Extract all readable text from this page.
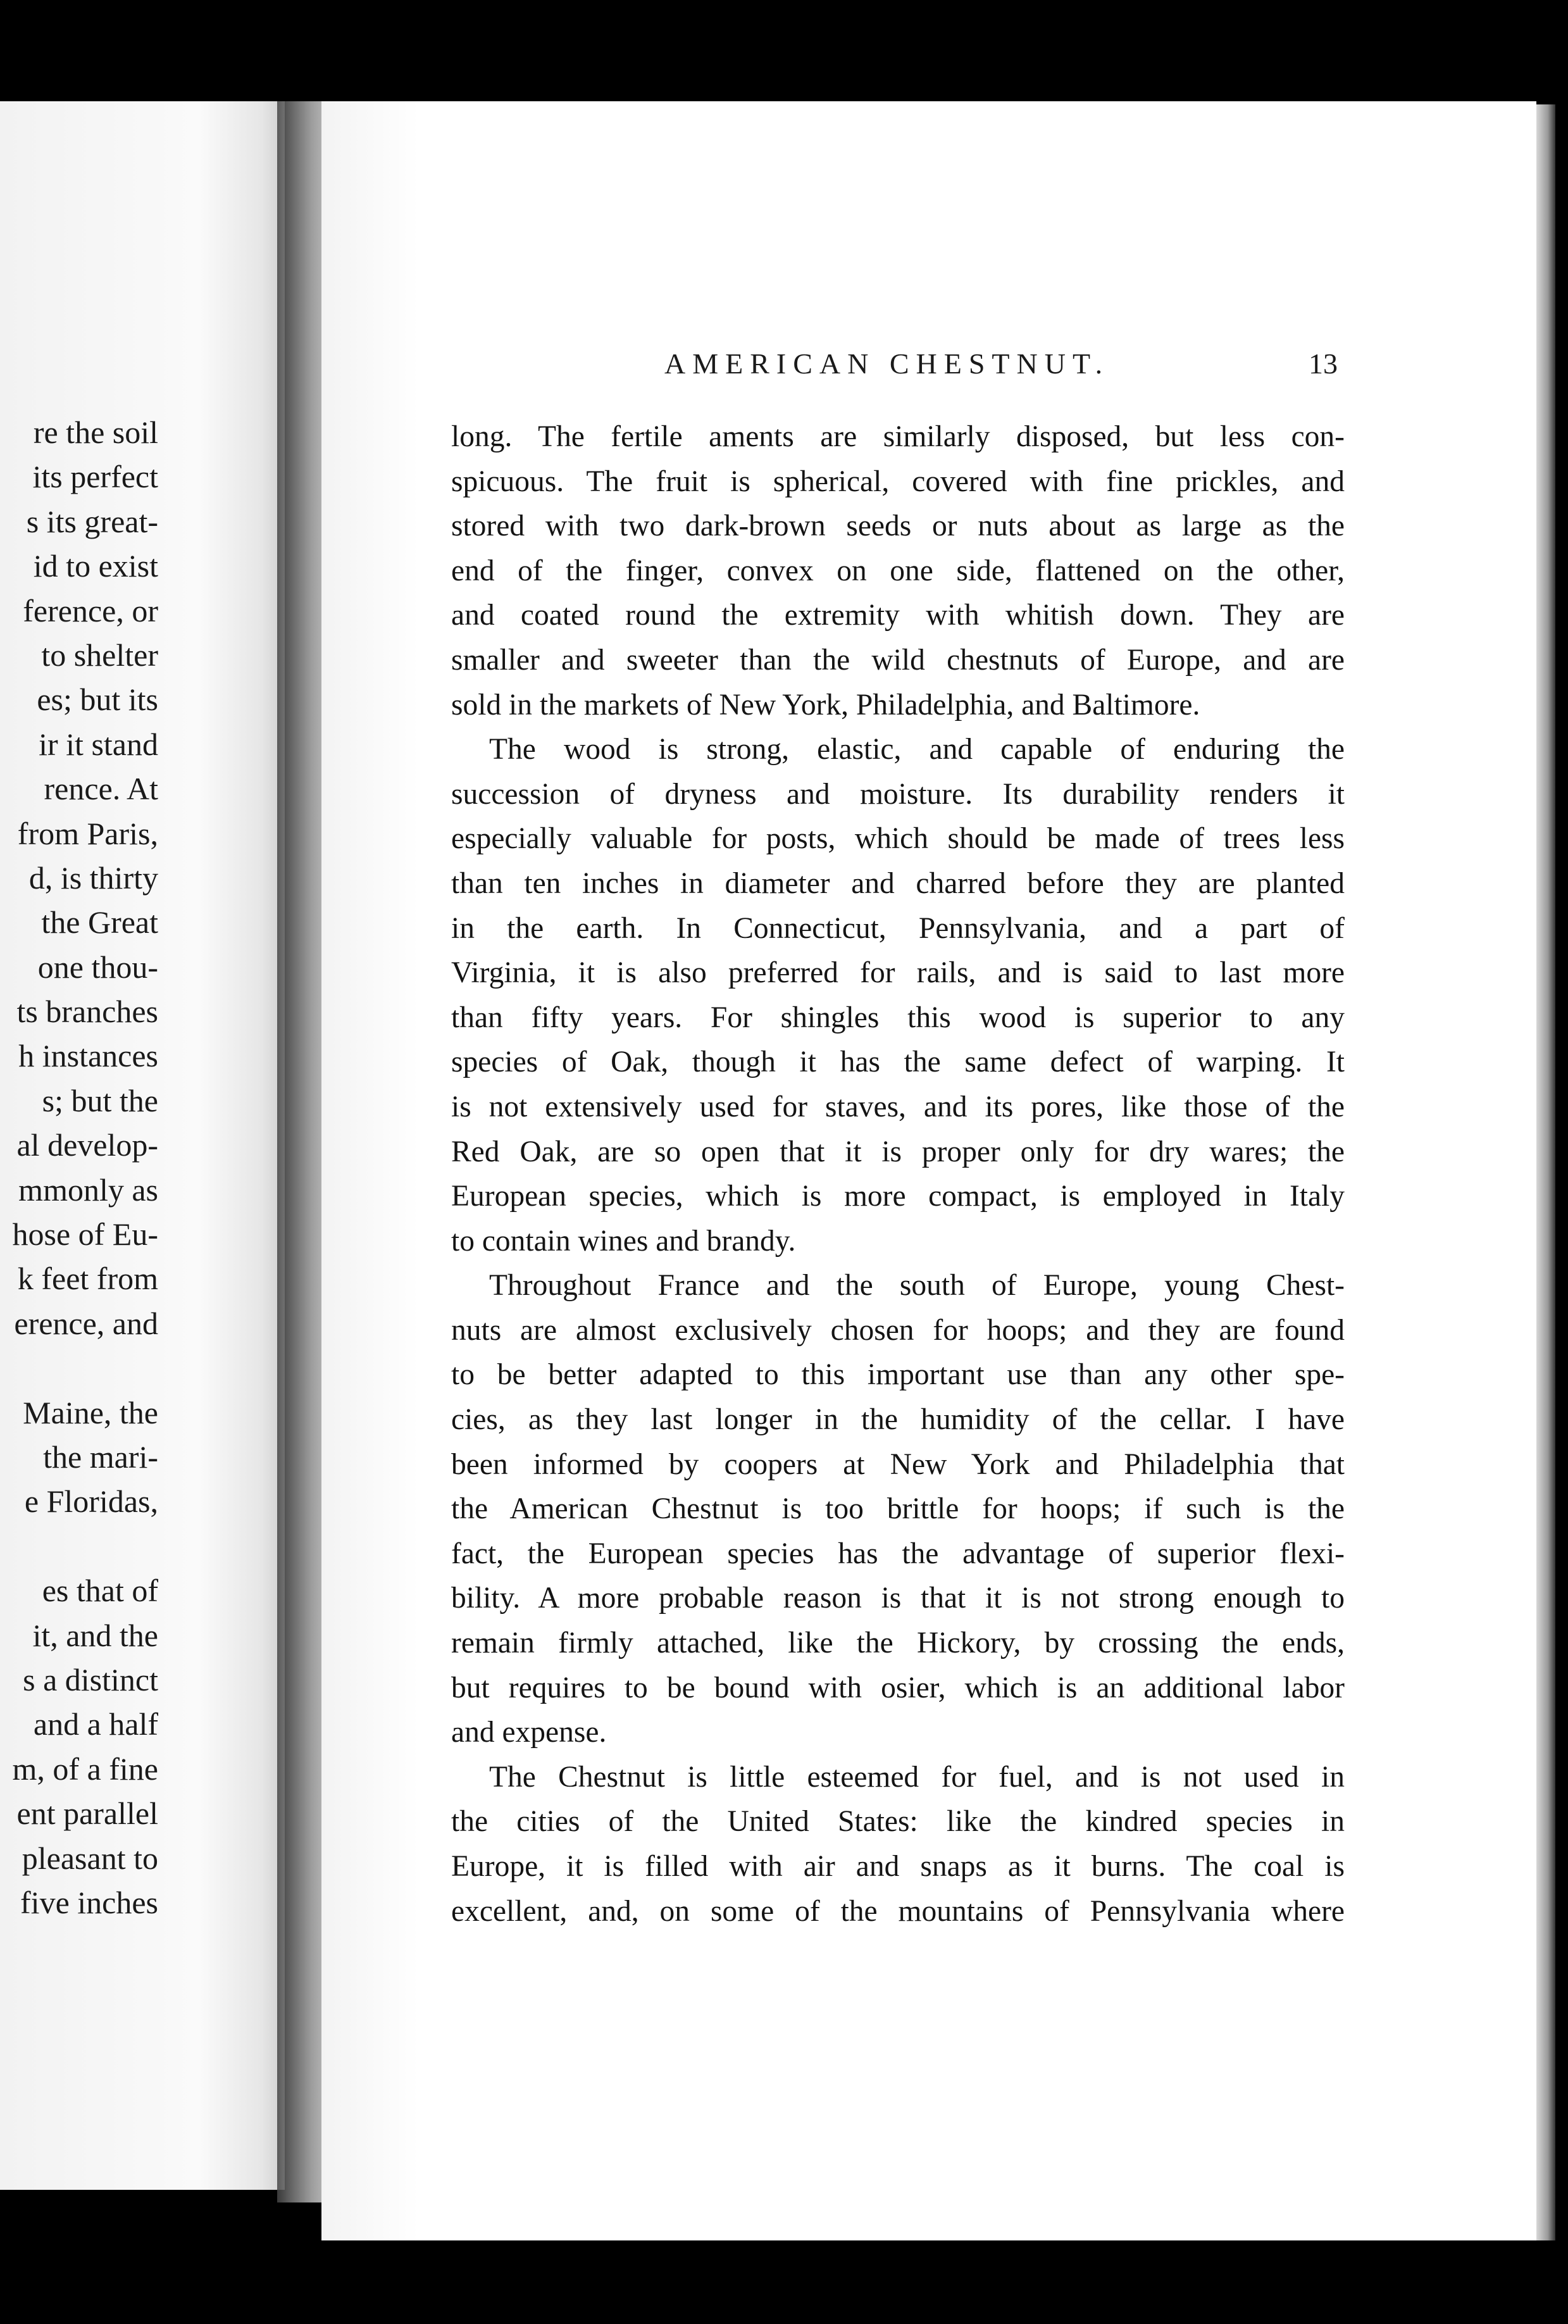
re the soil
its perfect
s its great-
id to exist
ference, or
to shelter
es; but its
ir it stand
rence. At
from Paris,
d, is thirty
the Great
one thou-
ts branches
h instances
s; but the
al develop-
mmonly as
hose of Eu-
k feet from
erence, and
Maine, the
the mari-
e Floridas,
es that of
it, and the
s a distinct
and a half
m, of a fine
ent parallel
pleasant to
five inches
AMERICAN CHESTNUT.	13
long. The fertile aments are similarly disposed, but less con-
spicuous. The fruit is spherical, covered with fine prickles, and
stored with two dark-brown seeds or nuts about as large as the
end of the finger, convex on one side, flattened on the other,
and coated round the extremity with whitish down. They are
smaller and sweeter than the wild chestnuts of Europe, and are
sold in the markets of New York, Philadelphia, and Baltimore.
The wood is strong, elastic, and capable of enduring the
succession of dryness and moisture. Its durability renders it
especially valuable for posts, which should be made of trees less
than ten inches in diameter and charred before they are planted
in the earth. In Connecticut, Pennsylvania, and a part of
Virginia, it is also preferred for rails, and is said to last more
than fifty years. For shingles this wood is superior to any
species of Oak, though it has the same defect of warping. It
is not extensively used for staves, and its pores, like those of the
Red Oak, are so open that it is proper only for dry wares; the
European species, which is more compact, is employed in Italy
to contain wines and brandy.
Throughout France and the south of Europe, young Chest-
nuts are almost exclusively chosen for hoops; and they are found
to be better adapted to this important use than any other spe-
cies, as they last longer in the humidity of the cellar. I have
been informed by coopers at New York and Philadelphia that
the American Chestnut is too brittle for hoops; if such is the
fact, the European species has the advantage of superior flexi-
bility. A more probable reason is that it is not strong enough to
remain firmly attached, like the Hickory, by crossing the ends,
but requires to be bound with osier, which is an additional labor
and expense.
The Chestnut is little esteemed for fuel, and is not used in
the cities of the United States: like the kindred species in
Europe, it is filled with air and snaps as it burns. The coal is
excellent, and, on some of the mountains of Pennsylvania where
